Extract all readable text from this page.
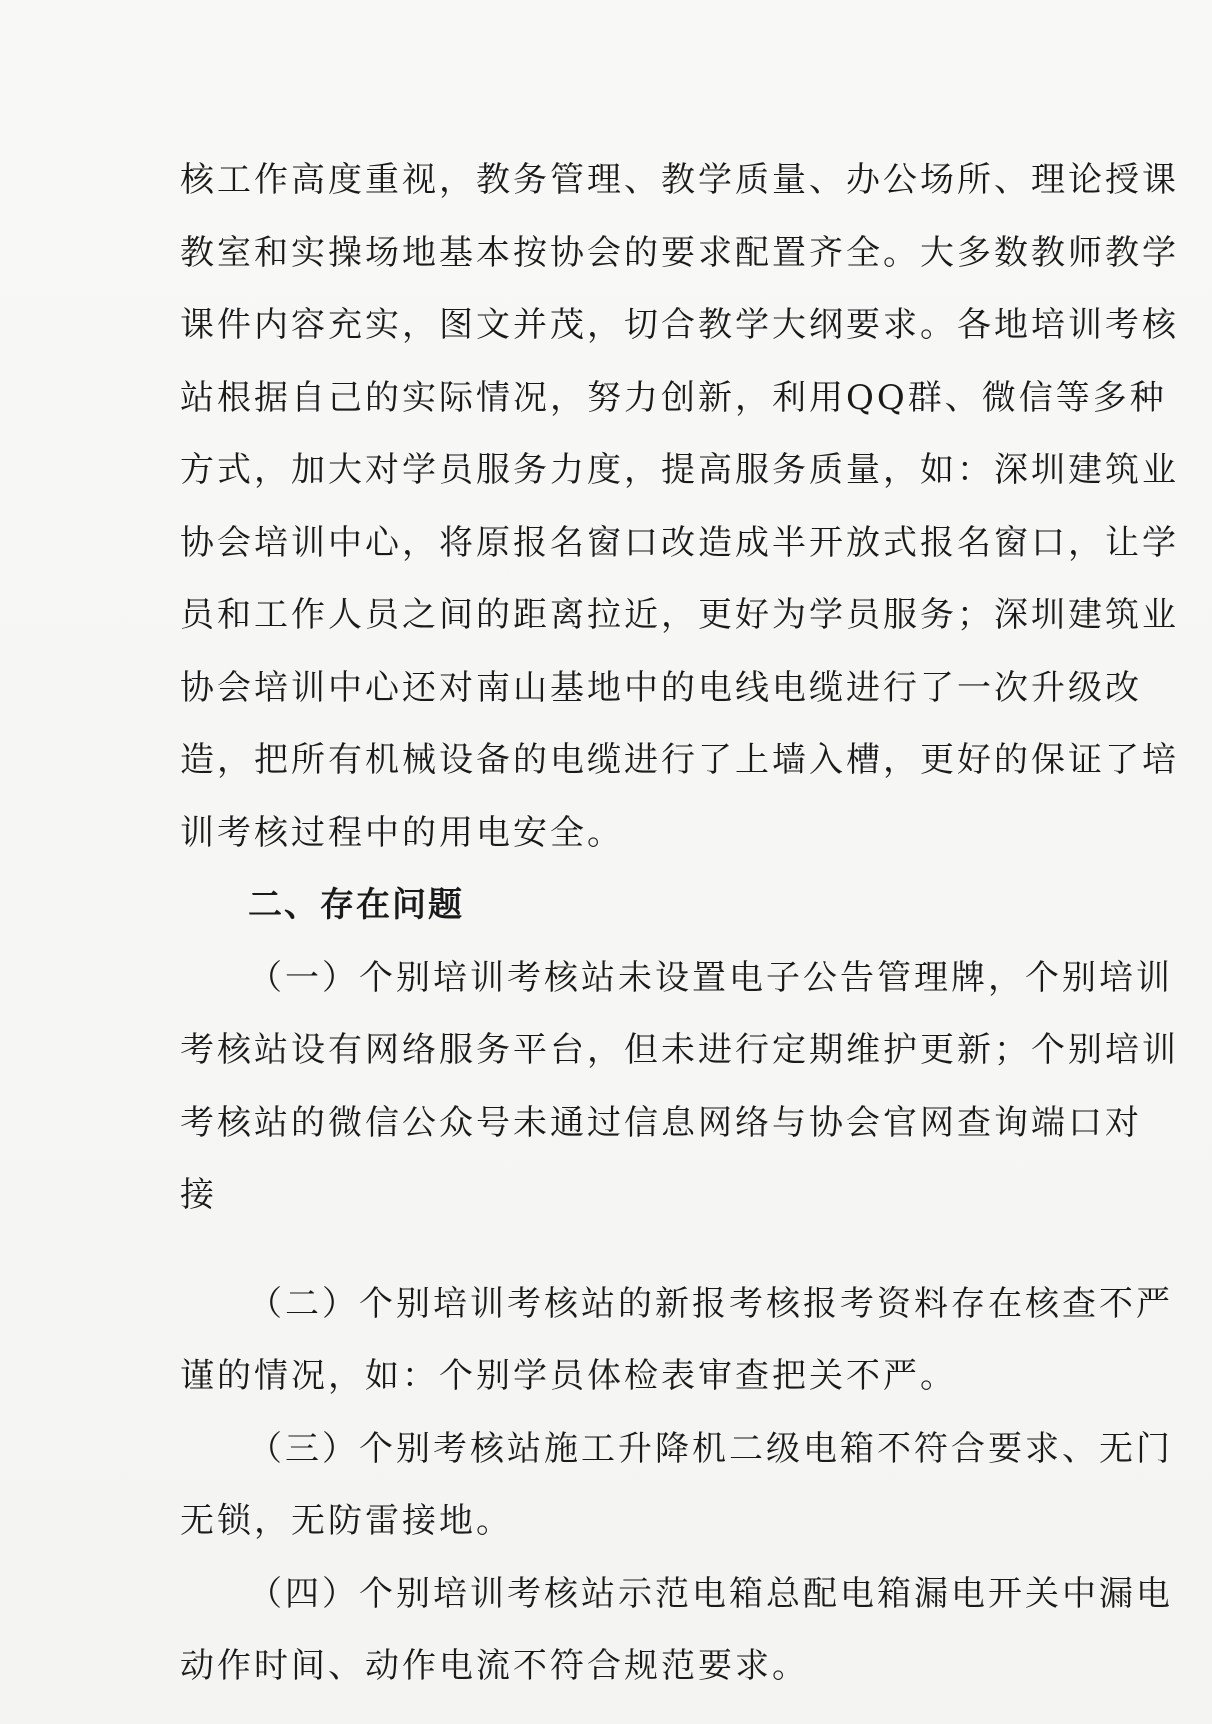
核工作高度重视，教务管理、教学质量、办公场所、理论授课
教室和实操场地基本按协会的要求配置齐全。大多数教师教学
课件内容充实，图文并茂，切合教学大纲要求。各地培训考核
站根据自己的实际情况，努力创新，利用QQ群、微信等多种
方式，加大对学员服务力度，提高服务质量，如：深圳建筑业
协会培训中心，将原报名窗口改造成半开放式报名窗口，让学
员和工作人员之间的距离拉近，更好为学员服务；深圳建筑业
协会培训中心还对南山基地中的电线电缆进行了一次升级改
造，把所有机械设备的电缆进行了上墙入槽，更好的保证了培
训考核过程中的用电安全。
二、存在问题
（一）个别培训考核站未设置电子公告管理牌，个别培训
考核站设有网络服务平台，但未进行定期维护更新；个别培训
考核站的微信公众号未通过信息网络与协会官网查询端口对
接
（二）个别培训考核站的新报考核报考资料存在核查不严
谨的情况，如：个别学员体检表审查把关不严。
（三）个别考核站施工升降机二级电箱不符合要求、无门
无锁，无防雷接地。
（四）个别培训考核站示范电箱总配电箱漏电开关中漏电
动作时间、动作电流不符合规范要求。
